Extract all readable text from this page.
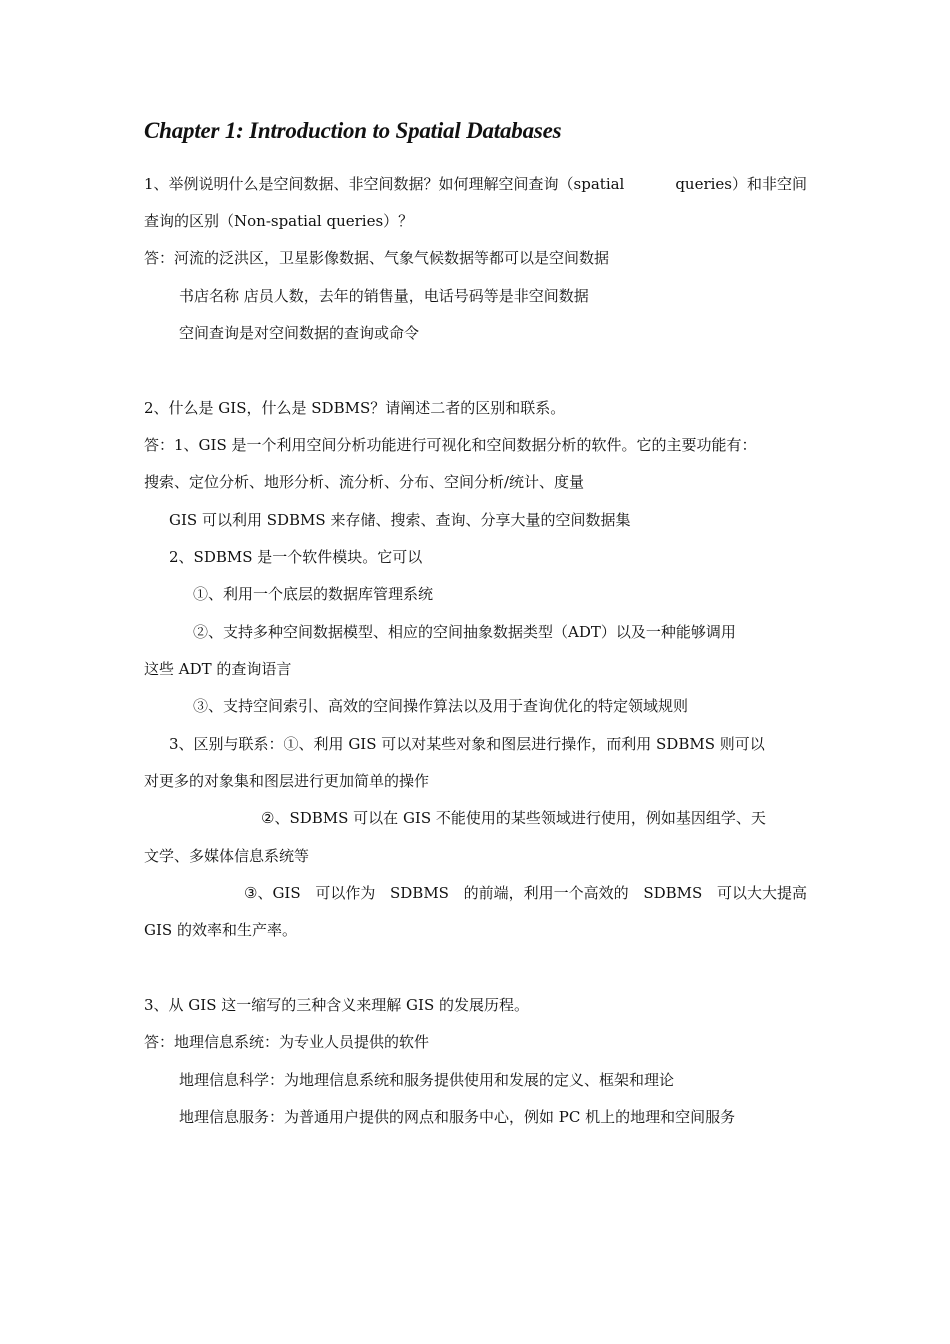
Chapter 1: Introduction to Spatial Databases
1、举例说明什么是空间数据、非空间数据？如何理解空间查询（spatial	queries）和非空间
查询的区别（Non-spatial queries）？
答：河流的泛洪区，卫星影像数据、气象气候数据等都可以是空间数据
书店名称 店员人数，去年的销售量，电话号码等是非空间数据
空间查询是对空间数据的查询或命令
2、什么是 GIS，什么是 SDBMS？请阐述二者的区别和联系。
答：1、GIS 是一个利用空间分析功能进行可视化和空间数据分析的软件。它的主要功能有：
搜索、定位分析、地形分析、流分析、分布、空间分析/统计、度量
GIS 可以利用 SDBMS 来存储、搜索、查询、分享大量的空间数据集
2、SDBMS 是一个软件模块。它可以
①、利用一个底层的数据库管理系统
②、支持多种空间数据模型、相应的空间抽象数据类型（ADT）以及一种能够调用
这些 ADT 的查询语言
③、支持空间索引、高效的空间操作算法以及用于查询优化的特定领域规则
3、区别与联系：①、利用 GIS 可以对某些对象和图层进行操作，而利用 SDBMS 则可以
对更多的对象集和图层进行更加简单的操作
②、SDBMS 可以在 GIS 不能使用的某些领域进行使用，例如基因组学、天
文学、多媒体信息系统等
③、GIS 可以作为 SDBMS 的前端，利用一个高效的 SDBMS 可以大大提高
GIS 的效率和生产率。
3、从 GIS 这一缩写的三种含义来理解 GIS 的发展历程。
答：地理信息系统：为专业人员提供的软件
地理信息科学：为地理信息系统和服务提供使用和发展的定义、框架和理论
地理信息服务：为普通用户提供的网点和服务中心，例如 PC 机上的地理和空间服务
